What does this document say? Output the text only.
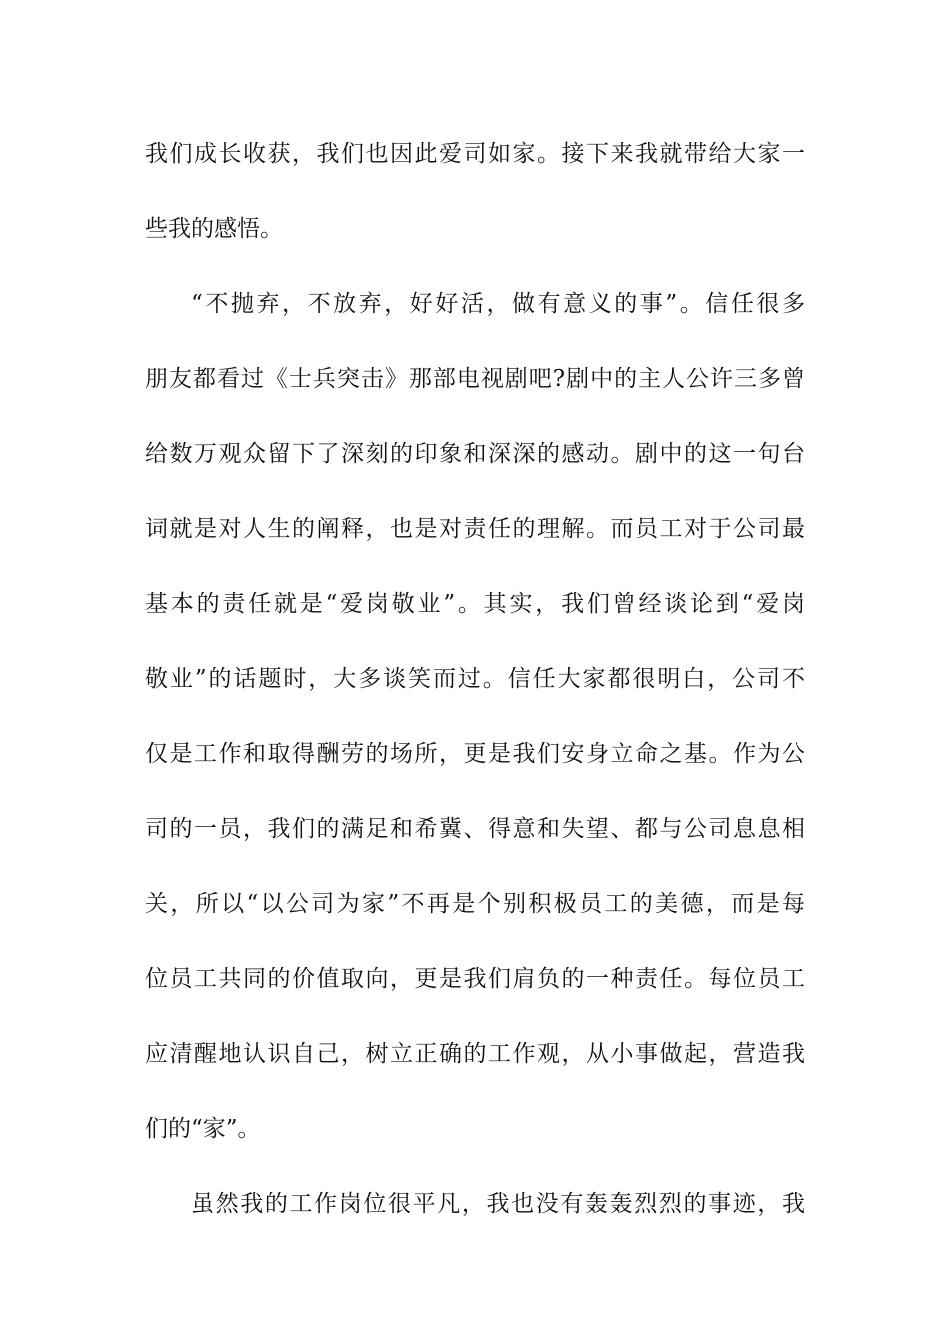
我们成长收获，我们也因此爱司如家。接下来我就带给大家一
些我的感悟。
“不抛弃，不放弃，好好活，做有意义的事”。信任很多
朋友都看过《士兵突击》那部电视剧吧?剧中的主人公许三多曾
给数万观众留下了深刻的印象和深深的感动。剧中的这一句台
词就是对人生的阐释，也是对责任的理解。而员工对于公司最
基本的责任就是“爱岗敬业”。其实，我们曾经谈论到“爱岗
敬业”的话题时，大多谈笑而过。信任大家都很明白，公司不
仅是工作和取得酬劳的场所，更是我们安身立命之基。作为公
司的一员，我们的满足和希冀、得意和失望、都与公司息息相
关，所以“以公司为家”不再是个别积极员工的美德，而是每
位员工共同的价值取向，更是我们肩负的一种责任。每位员工
应清醒地认识自己，树立正确的工作观，从小事做起，营造我
们的“家”。
虽然我的工作岗位很平凡，我也没有轰轰烈烈的事迹，我
